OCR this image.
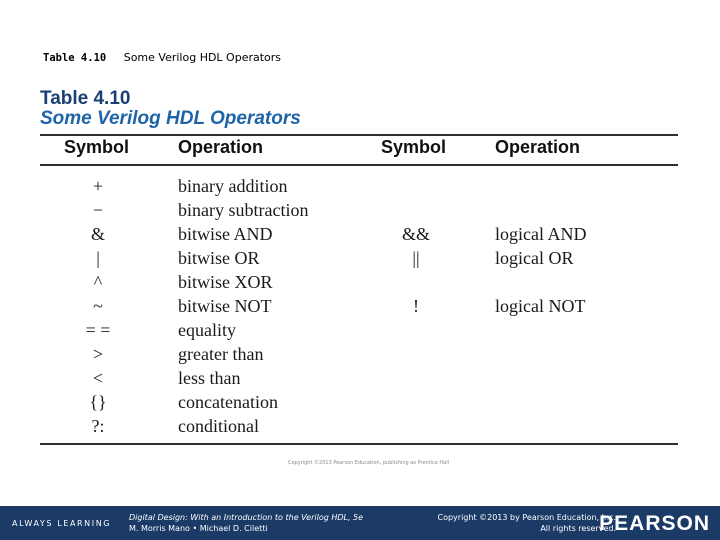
Table 4.10 Some Verilog HDL Operators
Table 4.10
Some Verilog HDL Operators
Symbol	Operation	Symbol	Operation
+	binary addition
−	binary subtraction
&	bitwise AND	&&	logical AND
|	bitwise OR	||	logical OR
^	bitwise XOR
~	bitwise NOT	!	logical NOT
= =	equality
>	greater than
<	less than
{}	concatenation
?:	conditional
Copyright ©2013 Pearson Education, publishing as Prentice Hall
ALWAYS LEARNING
Digital Design: With an Introduction to the Verilog HDL, 5e
M. Morris Mano • Michael D. Ciletti
Copyright ©2013 by Pearson Education, Inc.
All rights reserved.
PEARSON
